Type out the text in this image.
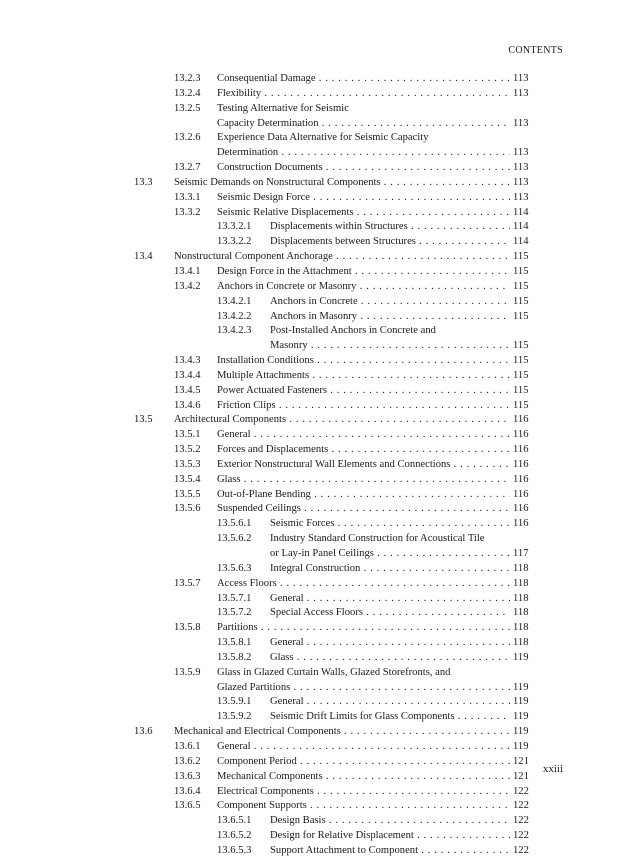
CONTENTS
13.2.3 Consequential Damage . . .	113
13.2.4 Flexibility . . .	113
13.2.5 Testing Alternative for Seismic
Capacity Determination . . .	113
13.2.6 Experience Data Alternative for Seismic Capacity
Determination . . .	113
13.2.7 Construction Documents . . .	113
13.3 Seismic Demands on Nonstructural Components . . .	113
13.3.1 Seismic Design Force . . .	113
13.3.2 Seismic Relative Displacements . . .	114
13.3.2.1 Displacements within Structures . . .	114
13.3.2.2 Displacements between Structures . . .	114
13.4 Nonstructural Component Anchorage . . .	115
13.4.1 Design Force in the Attachment . . .	115
13.4.2 Anchors in Concrete or Masonry . . .	115
13.4.2.1 Anchors in Concrete . . .	115
13.4.2.2 Anchors in Masonry . . .	115
13.4.2.3 Post-Installed Anchors in Concrete and
Masonry . . .	115
13.4.3 Installation Conditions . . .	115
13.4.4 Multiple Attachments . . .	115
13.4.5 Power Actuated Fasteners . . .	115
13.4.6 Friction Clips . . .	115
13.5 Architectural Components . . .	116
13.5.1 General . . .	116
13.5.2 Forces and Displacements . . .	116
13.5.3 Exterior Nonstructural Wall Elements and Connections . . .	116
13.5.4 Glass . . .	116
13.5.5 Out-of-Plane Bending . . .	116
13.5.6 Suspended Ceilings . . .	116
13.5.6.1 Seismic Forces . . .	116
13.5.6.2 Industry Standard Construction for Acoustical Tile
or Lay-in Panel Ceilings . . .	117
13.5.6.3 Integral Construction . . .	118
13.5.7 Access Floors . . .	118
13.5.7.1 General . . .	118
13.5.7.2 Special Access Floors . . .	118
13.5.8 Partitions . . .	118
13.5.8.1 General . . .	118
13.5.8.2 Glass . . .	119
13.5.9 Glass in Glazed Curtain Walls, Glazed Storefronts, and
Glazed Partitions . . .	119
13.5.9.1 General . . .	119
13.5.9.2 Seismic Drift Limits for Glass Components . . .	119
13.6 Mechanical and Electrical Components . . .	119
13.6.1 General . . .	119
13.6.2 Component Period . . .	121
13.6.3 Mechanical Components . . .	121
13.6.4 Electrical Components . . .	122
13.6.5 Component Supports . . .	122
13.6.5.1 Design Basis . . .	122
13.6.5.2 Design for Relative Displacement . . .	122
13.6.5.3 Support Attachment to Component . . .	122
xxiii
